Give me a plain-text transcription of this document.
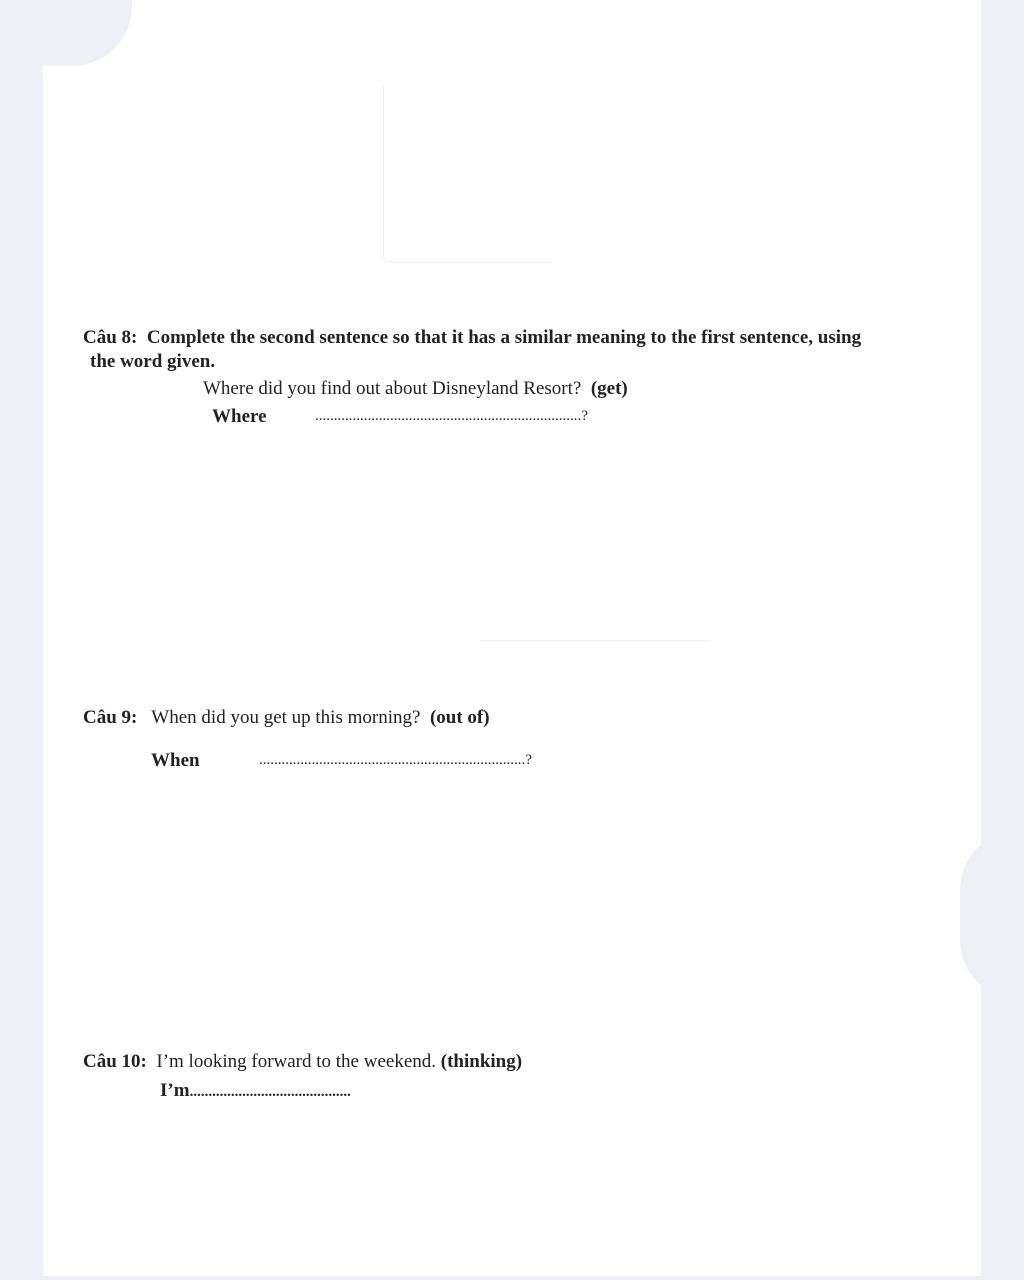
Câu 8: Complete the second sentence so that it has a similar meaning to the first sentence, using
the word given.
Where did you find out about Disneyland Resort? (get)
Where	.......................................................................?
Câu 9: When did you get up this morning? (out of)
When	.......................................................................?
Câu 10: I’m looking forward to the weekend. (thinking)
I’m...........................................
